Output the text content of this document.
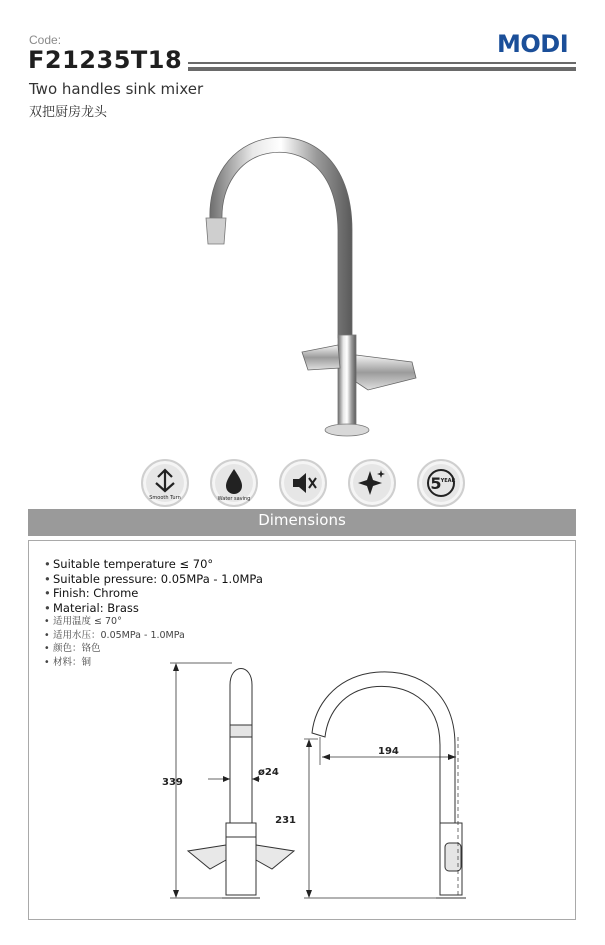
Code:
F21235T18
MODI
Two handles sink mixer
双把厨房龙头
Smooth Turn	Water saving
5 YEAR
Dimensions
• Suitable temperature ≤ 70°
• Suitable pressure: 0.05MPa - 1.0MPa
• Finish: Chrome
• Material: Brass
• 适用温度 ≤ 70°
• 适用水压：0.05MPa - 1.0MPa
• 颜色：铬色
• 材料：铜
339
ø24
194
231
